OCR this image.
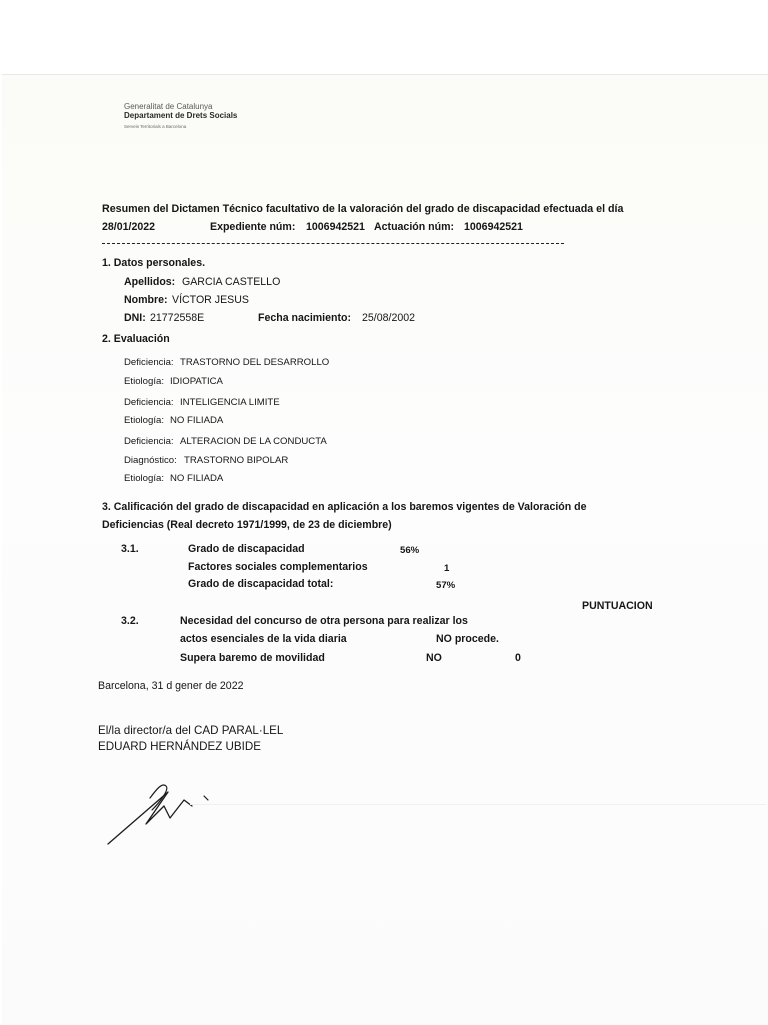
Generalitat de Catalunya
Departament de Drets Socials
Serveis Territorials a Barcelona
Resumen del Dictamen Técnico facultativo de la valoración del grado de discapacidad efectuada el día
28/01/2022	Expediente núm: 1006942521 Actuación núm: 1006942521
1. Datos personales.
Apellidos: GARCIA CASTELLO
Nombre: VÍCTOR JESUS
DNI: 21772558E	Fecha nacimiento: 25/08/2002
2. Evaluación
Deficiencia: TRASTORNO DEL DESARROLLO
Etiología: IDIOPATICA
Deficiencia: INTELIGENCIA LIMITE
Etiología: NO FILIADA
Deficiencia: ALTERACION DE LA CONDUCTA
Diagnóstico: TRASTORNO BIPOLAR
Etiología: NO FILIADA
3. Calificación del grado de discapacidad en aplicación a los baremos vigentes de Valoración de
Deficiencias (Real decreto 1971/1999, de 23 de diciembre)
3.1.	Grado de discapacidad	56%
Factores sociales complementarios	1
Grado de discapacidad total:	57%
PUNTUACION
3.2.	Necesidad del concurso de otra persona para realizar los
actos esenciales de la vida diaria	NO procede.
Supera baremo de movilidad	NO	0
Barcelona, 31 d gener de 2022
El/la director/a del CAD PARAL·LEL
EDUARD HERNÁNDEZ UBIDE
